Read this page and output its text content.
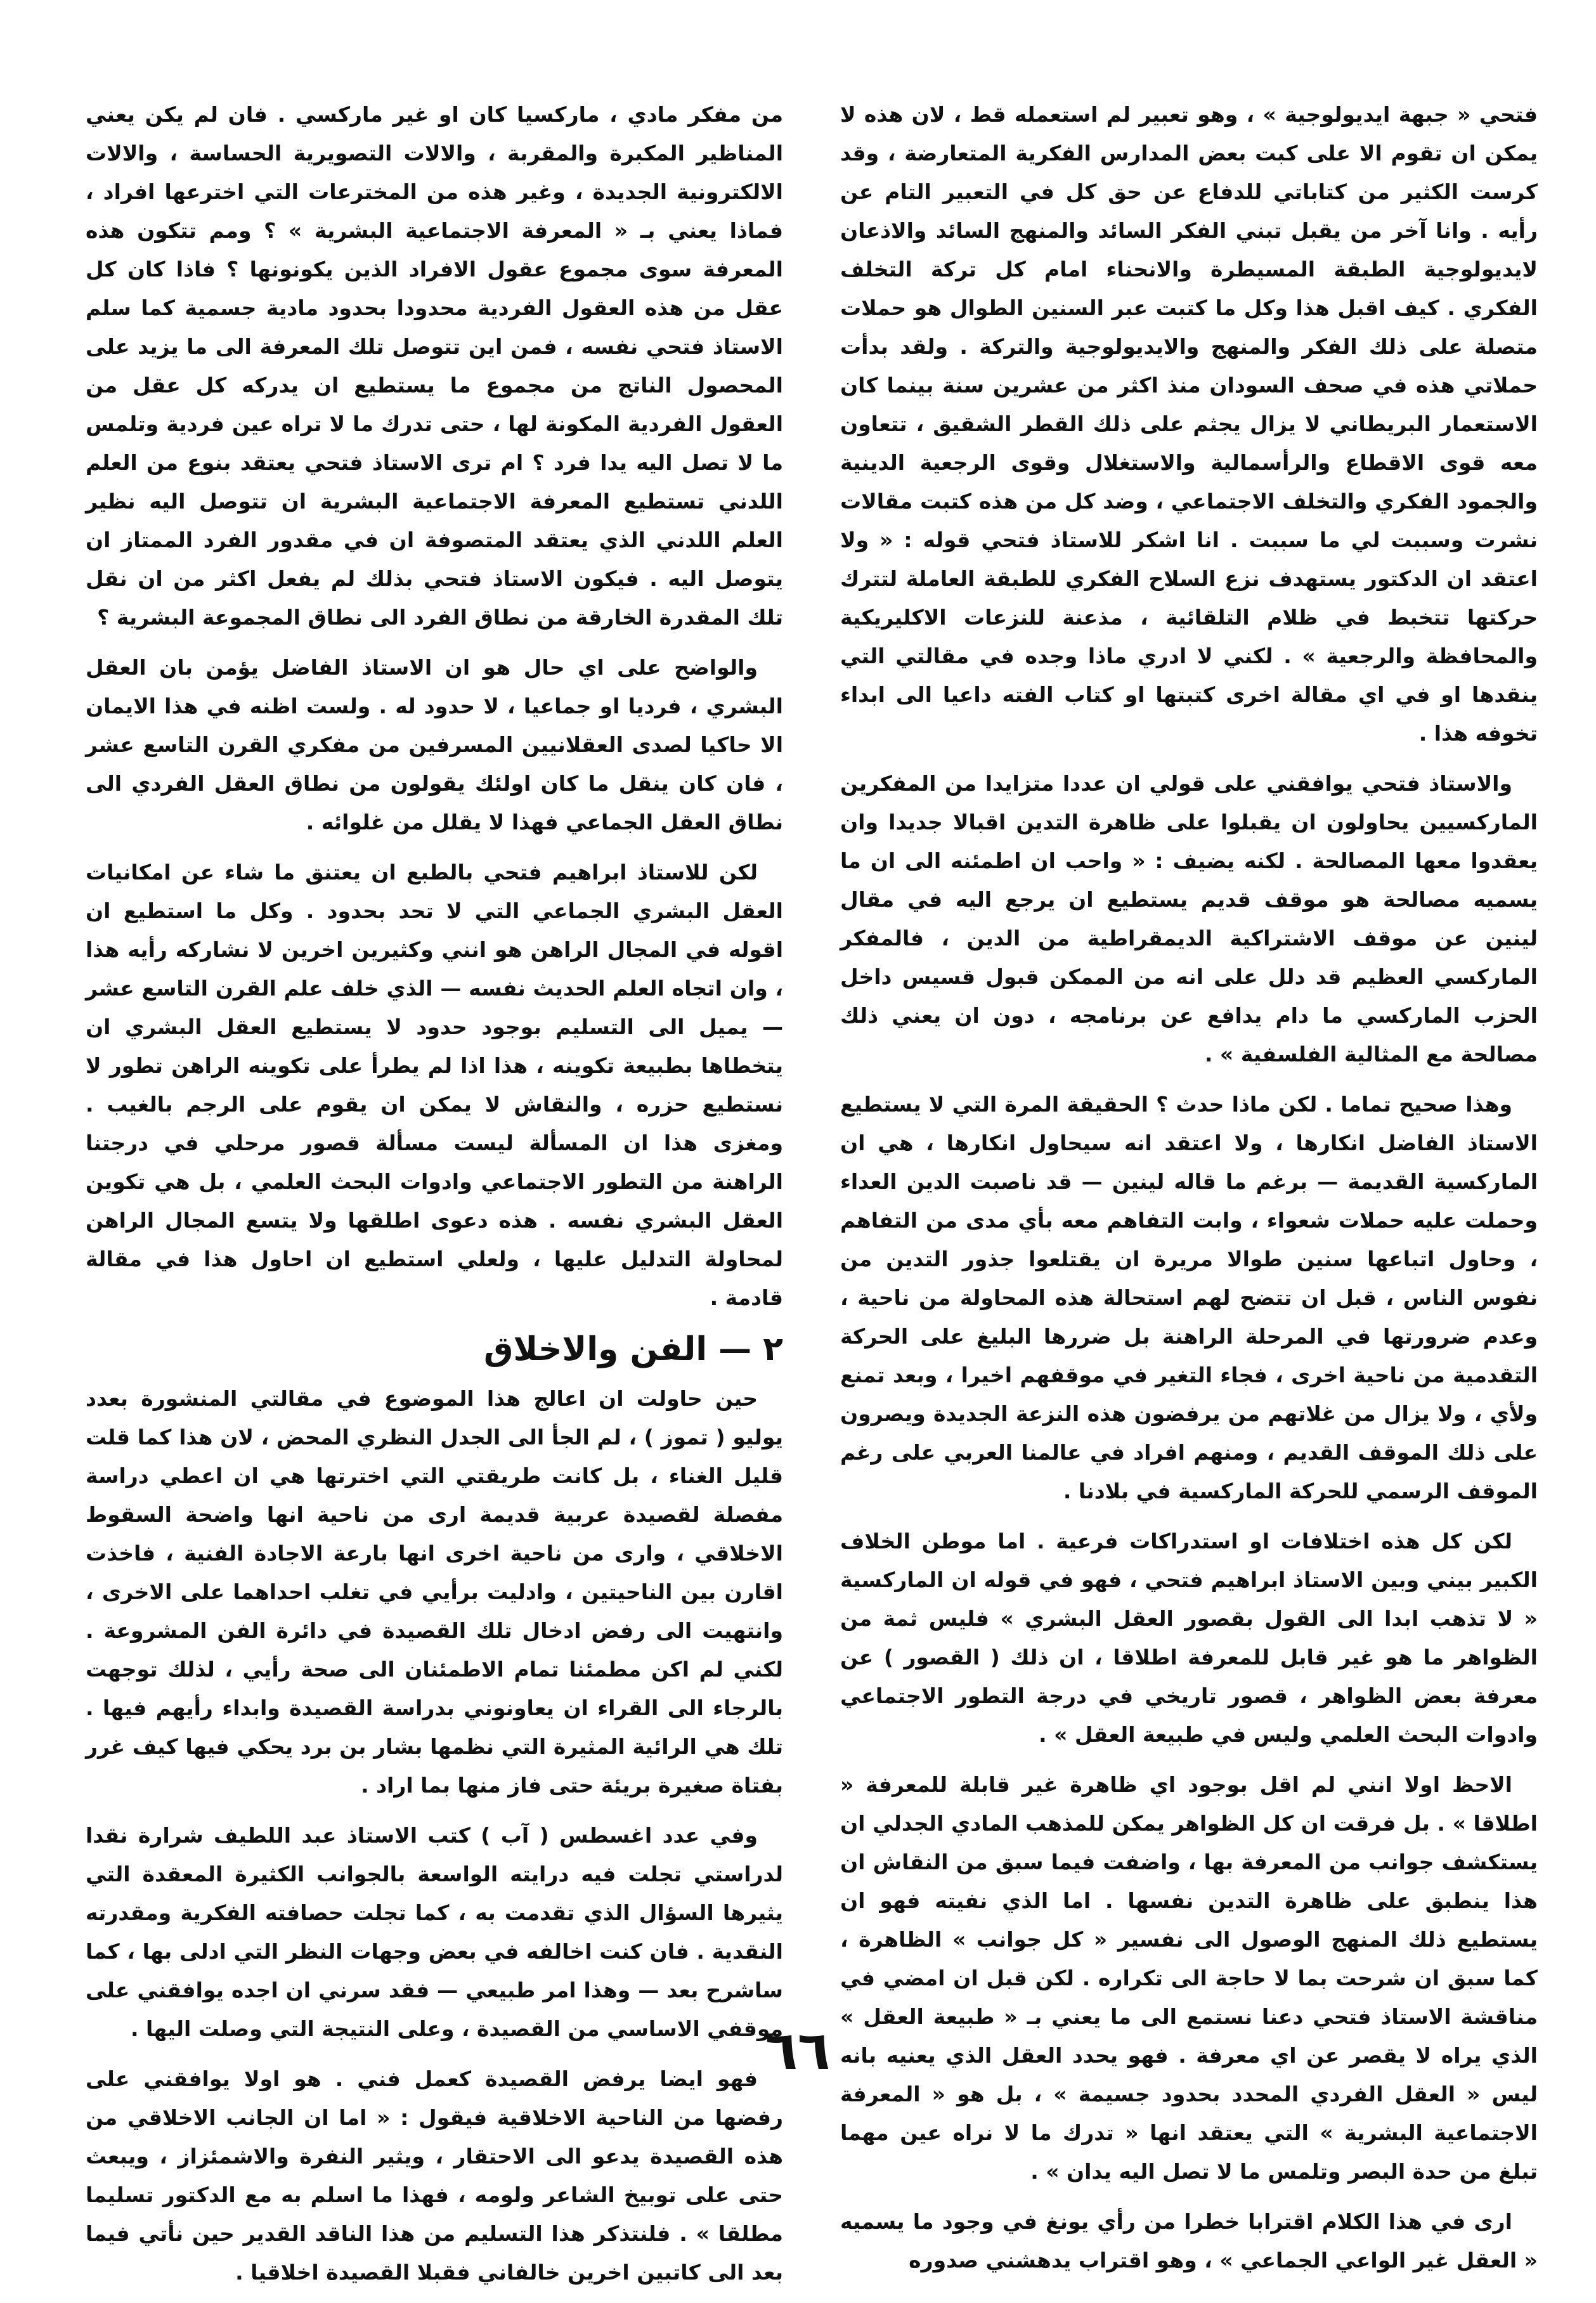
فتحي « جبهة ايديولوجية » ، وهو تعبير لم استعمله قط ، لان هذه لا يمكن ان تقوم الا على كبت بعض المدارس الفكرية المتعارضة ، وقد كرست الكثير من كتاباتي للدفاع عن حق كل في التعبير التام عن رأيه . وانا آخر من يقبل تبني الفكر السائد والمنهج السائد والاذعان لايديولوجية الطبقة المسيطرة والانحناء امام كل تركة التخلف الفكري . كيف اقبل هذا وكل ما كتبت عبر السنين الطوال هو حملات متصلة على ذلك الفكر والمنهج والايديولوجية والتركة . ولقد بدأت حملاتي هذه في صحف السودان منذ اكثر من عشرين سنة بينما كان الاستعمار البريطاني لا يزال يجثم على ذلك القطر الشقيق ، تتعاون معه قوى الاقطاع والرأسمالية والاستغلال وقوى الرجعية الدينية والجمود الفكري والتخلف الاجتماعي ، وضد كل من هذه كتبت مقالات نشرت وسببت لي ما سببت . انا اشكر للاستاذ فتحي قوله : « ولا اعتقد ان الدكتور يستهدف نزع السلاح الفكري للطبقة العاملة لتترك حركتها تتخبط في ظلام التلقائية ، مذعنة للنزعات الاكليريكية والمحافظة والرجعية » . لكني لا ادري ماذا وجده في مقالتي التي ينقدها او في اي مقالة اخرى كتبتها او كتاب الفته داعيا الى ابداء تخوفه هذا .

والاستاذ فتحي يوافقني على قولي ان عددا متزايدا من المفكرين الماركسيين يحاولون ان يقبلوا على ظاهرة التدين اقبالا جديدا وان يعقدوا معها المصالحة . لكنه يضيف : « واحب ان اطمئنه الى ان ما يسميه مصالحة هو موقف قديم يستطيع ان يرجع اليه في مقال لينين عن موقف الاشتراكية الديمقراطية من الدين ، فالمفكر الماركسي العظيم قد دلل على انه من الممكن قبول قسيس داخل الحزب الماركسي ما دام يدافع عن برنامجه ، دون ان يعني ذلك مصالحة مع المثالية الفلسفية » .

وهذا صحيح تماما . لكن ماذا حدث ؟ الحقيقة المرة التي لا يستطيع الاستاذ الفاضل انكارها ، ولا اعتقد انه سيحاول انكارها ، هي ان الماركسية القديمة — برغم ما قاله لينين — قد ناصبت الدين العداء وحملت عليه حملات شعواء ، وابت التفاهم معه بأي مدى من التفاهم ، وحاول اتباعها سنين طوالا مريرة ان يقتلعوا جذور التدين من نفوس الناس ، قبل ان تتضح لهم استحالة هذه المحاولة من ناحية ، وعدم ضرورتها في المرحلة الراهنة بل ضررها البليغ على الحركة التقدمية من ناحية اخرى ، فجاء التغير في موقفهم اخيرا ، وبعد تمنع ولأي ، ولا يزال من غلاتهم من يرفضون هذه النزعة الجديدة ويصرون على ذلك الموقف القديم ، ومنهم افراد في عالمنا العربي على رغم الموقف الرسمي للحركة الماركسية في بلادنا .

لكن كل هذه اختلافات او استدراكات فرعية . اما موطن الخلاف الكبير بيني وبين الاستاذ ابراهيم فتحي ، فهو في قوله ان الماركسية « لا تذهب ابدا الى القول بقصور العقل البشري » فليس ثمة من الظواهر ما هو غير قابل للمعرفة اطلاقا ، ان ذلك ( القصور ) عن معرفة بعض الظواهر ، قصور تاريخي في درجة التطور الاجتماعي وادوات البحث العلمي وليس في طبيعة العقل » .

الاحظ اولا انني لم اقل بوجود اي ظاهرة غير قابلة للمعرفة « اطلاقا » . بل فرقت ان كل الظواهر يمكن للمذهب المادي الجدلي ان يستكشف جوانب من المعرفة بها ، واضفت فيما سبق من النقاش ان هذا ينطبق على ظاهرة التدين نفسها . اما الذي نفيته فهو ان يستطيع ذلك المنهج الوصول الى نفسير « كل جوانب » الظاهرة ، كما سبق ان شرحت بما لا حاجة الى تكراره . لكن قبل ان امضي في مناقشة الاستاذ فتحي دعنا نستمع الى ما يعني بـ « طبيعة العقل » الذي يراه لا يقصر عن اي معرفة . فهو يحدد العقل الذي يعنيه بانه ليس « العقل الفردي المحدد بحدود جسيمة » ، بل هو « المعرفة الاجتماعية البشرية » التي يعتقد انها « تدرك ما لا نراه عين مهما تبلغ من حدة البصر وتلمس ما لا تصل اليه يدان » .

ارى في هذا الكلام اقترابا خطرا من رأي يونغ في وجود ما يسميه « العقل غير الواعي الجماعي » ، وهو اقتراب يدهشني صدوره

من مفكر مادي ، ماركسيا كان او غير ماركسي . فان لم يكن يعني المناظير المكبرة والمقربة ، والالات التصويرية الحساسة ، والالات الالكترونية الجديدة ، وغير هذه من المخترعات التي اخترعها افراد ، فماذا يعني بـ « المعرفة الاجتماعية البشرية » ؟ ومم تتكون هذه المعرفة سوى مجموع عقول الافراد الذين يكونونها ؟ فاذا كان كل عقل من هذه العقول الفردية محدودا بحدود مادية جسمية كما سلم الاستاذ فتحي نفسه ، فمن اين تتوصل تلك المعرفة الى ما يزيد على المحصول الناتج من مجموع ما يستطيع ان يدركه كل عقل من العقول الفردية المكونة لها ، حتى تدرك ما لا تراه عين فردية وتلمس ما لا تصل اليه يدا فرد ؟ ام ترى الاستاذ فتحي يعتقد بنوع من العلم اللدني تستطيع المعرفة الاجتماعية البشرية ان تتوصل اليه نظير العلم اللدني الذي يعتقد المتصوفة ان في مقدور الفرد الممتاز ان يتوصل اليه . فيكون الاستاذ فتحي بذلك لم يفعل اكثر من ان نقل تلك المقدرة الخارقة من نطاق الفرد الى نطاق المجموعة البشرية ؟

والواضح على اي حال هو ان الاستاذ الفاضل يؤمن بان العقل البشري ، فرديا او جماعيا ، لا حدود له . ولست اظنه في هذا الايمان الا حاكيا لصدى العقلانيين المسرفين من مفكري القرن التاسع عشر ، فان كان ينقل ما كان اولئك يقولون من نطاق العقل الفردي الى نطاق العقل الجماعي فهذا لا يقلل من غلوائه .

لكن للاستاذ ابراهيم فتحي بالطبع ان يعتنق ما شاء عن امكانيات العقل البشري الجماعي التي لا تحد بحدود . وكل ما استطيع ان اقوله في المجال الراهن هو انني وكثيرين اخرين لا نشاركه رأيه هذا ، وان اتجاه العلم الحديث نفسه — الذي خلف علم القرن التاسع عشر — يميل الى التسليم بوجود حدود لا يستطيع العقل البشري ان يتخطاها بطبيعة تكوينه ، هذا اذا لم يطرأ على تكوينه الراهن تطور لا نستطيع حزره ، والنقاش لا يمكن ان يقوم على الرجم بالغيب . ومغزى هذا ان المسألة ليست مسألة قصور مرحلي في درجتنا الراهنة من التطور الاجتماعي وادوات البحث العلمي ، بل هي تكوين العقل البشري نفسه . هذه دعوى اطلقها ولا يتسع المجال الراهن لمحاولة التدليل عليها ، ولعلي استطيع ان احاول هذا في مقالة قادمة .

٢ — الفن والاخلاق

حين حاولت ان اعالج هذا الموضوع في مقالتي المنشورة بعدد يوليو ( تموز ) ، لم الجأ الى الجدل النظري المحض ، لان هذا كما قلت قليل الغناء ، بل كانت طريقتي التي اخترتها هي ان اعطي دراسة مفصلة لقصيدة عربية قديمة ارى من ناحية انها واضحة السقوط الاخلاقي ، وارى من ناحية اخرى انها بارعة الاجادة الفنية ، فاخذت اقارن بين الناحيتين ، وادليت برأيي في تغلب احداهما على الاخرى ، وانتهيت الى رفض ادخال تلك القصيدة في دائرة الفن المشروعة . لكني لم اكن مطمئنا تمام الاطمئنان الى صحة رأيي ، لذلك توجهت بالرجاء الى القراء ان يعاونوني بدراسة القصيدة وابداء رأيهم فيها . تلك هي الرائية المثيرة التي نظمها بشار بن برد يحكي فيها كيف غرر بفتاة صغيرة بريئة حتى فاز منها بما اراد .

وفي عدد اغسطس ( آب ) كتب الاستاذ عبد اللطيف شرارة نقدا لدراستي تجلت فيه درايته الواسعة بالجوانب الكثيرة المعقدة التي يثيرها السؤال الذي تقدمت به ، كما تجلت حصافته الفكرية ومقدرته النقدية . فان كنت اخالفه في بعض وجهات النظر التي ادلى بها ، كما ساشرح بعد — وهذا امر طبيعي — فقد سرني ان اجده يوافقني على موقفي الاساسي من القصيدة ، وعلى النتيجة التي وصلت اليها .

فهو ايضا يرفض القصيدة كعمل فني . هو اولا يوافقني على رفضها من الناحية الاخلاقية فيقول : « اما ان الجانب الاخلاقي من هذه القصيدة يدعو الى الاحتقار ، ويثير النفرة والاشمئزاز ، ويبعث حتى على توبيخ الشاعر ولومه ، فهذا ما اسلم به مع الدكتور تسليما مطلقا » . فلنتذكر هذا التسليم من هذا الناقد القدير حين نأتي فيما بعد الى كاتبين اخرين خالفاني فقبلا القصيدة اخلاقيا .

٦٦
